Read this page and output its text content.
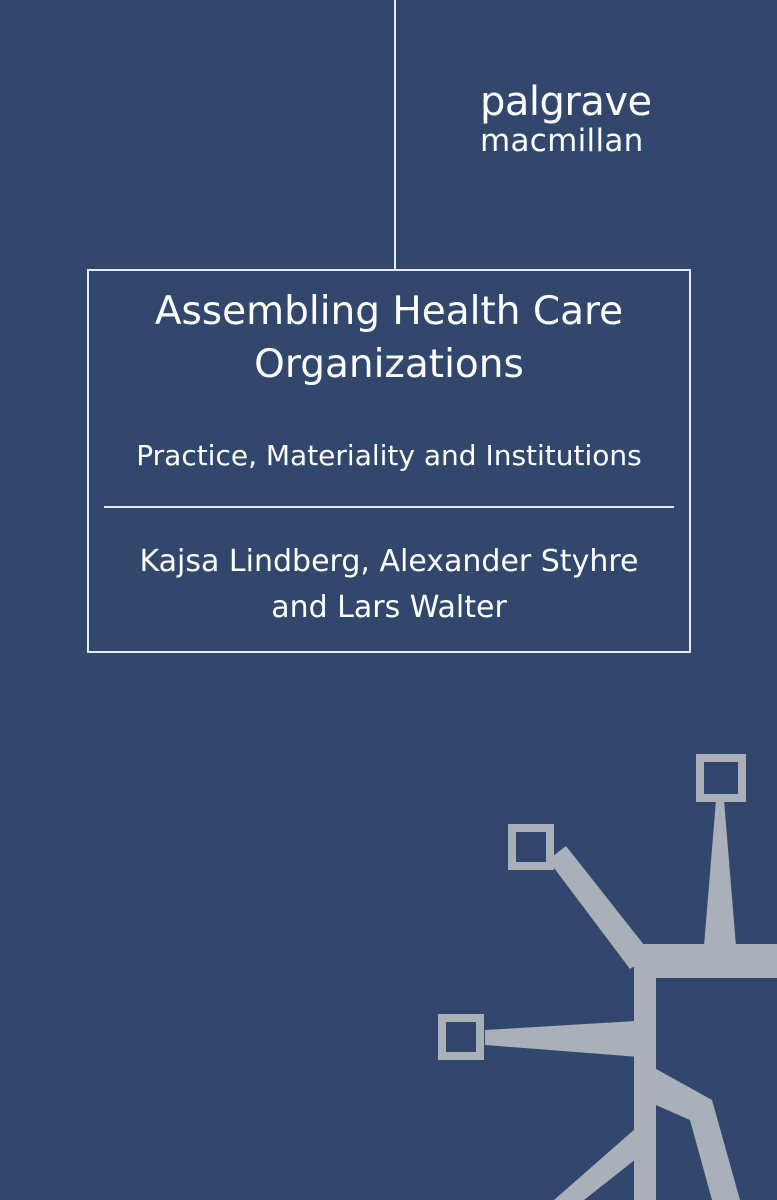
palgrave
macmillan
Assembling Health Care
Organizations
Practice, Materiality and Institutions
Kajsa Lindberg, Alexander Styhre
and Lars Walter
